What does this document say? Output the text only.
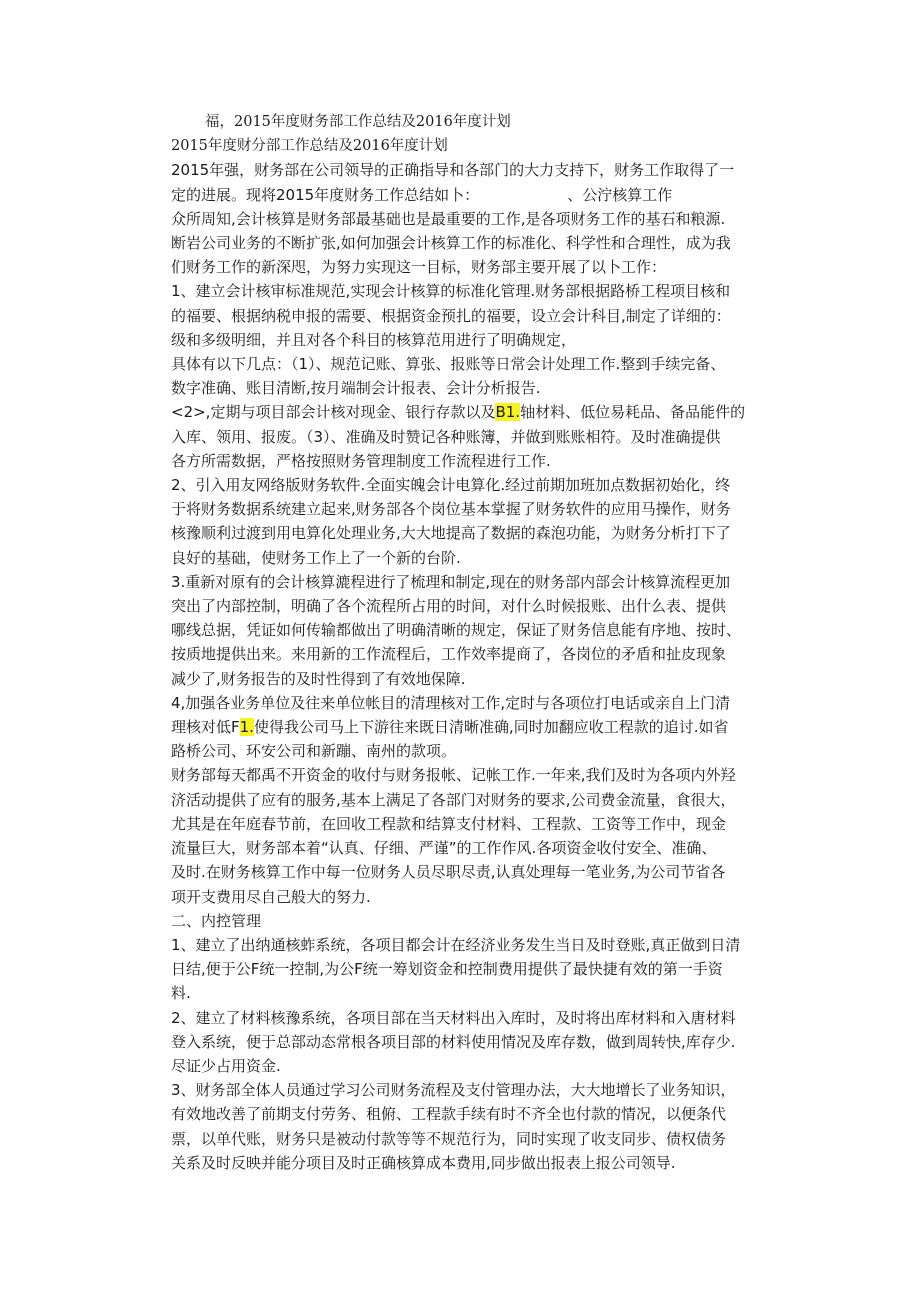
福，2015年度财务部工作总结及2016年度计划
2015年度财分部工作总结及2016年度计划
2015年强，财务部在公司领导的正确指导和各部门的大力支持下，财务工作取得了一
定的进展。现将2015年度财务工作总结如卜：	、公泞核算工作
众所周知,会计核算是财务部最基础也是最重要的工作,是各项财务工作的基石和粮源.
断岩公司业务的不断扩张,如何加强会计核算工作的标准化、科学性和合理性，成为我
们财务工作的新深咫，为努力实现这一目标，财务部主要开展了以卜工作：
1、建立会计核审标准规范,实现会计核算的标准化管理.财务部根据路桥工程项目核和
的福要、根据纳税申报的需要、根据资金预扎的福要，设立会计科目,制定了详细的：
级和多级明细，并且对各个科目的核算范用进行了明确规定，
具体有以下几点：（1）、规范记账、算张、报账等日常会计处理工作.整到手续完备、
数字准确、账目清断,按月端制会计报表、会计分析报告.
<2>,定期与项目部会计核对现金、银行存款以及B1.轴材料、低位易耗品、备品能件的
入库、领用、报废。（3）、准确及时赞记各种账簿，并做到账账相符。及时准确提供
各方所需数据，严格按照财务管理制度工作流程进行工作.
2、引入用友网络版财务软件.全面实魄会计电算化.经过前期加班加点数据初始化，终
于将财务数据系统建立起来,财务部各个岗位基本掌握了财务软件的应用马操作，财务
核豫顺利过渡到用电算化处理业务,大大地提高了数据的森泡功能，为财务分析打下了
良好的基础，使财务工作上了一个新的台阶.
3.重新对原有的会计核算漉程进行了梳理和制定,现在的财务部内部会计核算流程更加
突出了内部控制，明确了各个流程所占用的时间，对什么时候报账、出什么表、提供
哪线总据，凭证如何传输都做出了明确清晰的规定，保证了财务信息能有序地、按时、
按质地提供出来。来用新的工作流程后，工作效率提商了，各岗位的矛盾和扯皮现象
减少了,财务报告的及时性得到了有效地保障.
4,加强各业务单位及往来单位帐目的清理核对工作,定时与各项位打电话或亲自上门清
理核对低F1.使得我公司马上下游往来既日清晰准确,同时加翻应收工程款的追讨.如省
路桥公司、环安公司和新蹦、南州的款项。
财务部每天都禹不开资金的收付与财务报帐、记帐工作.一年来,我们及时为各项内外羟
济活动提供了应有的服务,基本上满足了各部门对财务的要求,公司费金流量，食很大，
尤其是在年庭春节前，在回收工程款和结算支付材料、工程款、工资等工作中，现金
流量巨大，财务部本着“认真、仔细、严谨”的工作作风.各项资金收付安全、准确、
及时.在财务核算工作中每一位财务人员尽职尽责,认真处理每一笔业务,为公司节省各
项开支费用尽自己般大的努力.
二、内控管理
1、建立了出纳通核蚱系统，各项目都会计在经济业务发生当日及时登账,真正做到日清
日结,便于公F统一控制,为公F统一筹划资金和控制费用提供了最快捷有效的第一手资
料.
2、建立了材料核豫系统，各项目部在当天材料出入库时，及时将出库材料和入唐材料
登入系统，便于总部动态常根各项目部的材料使用情况及库存数，做到周转快,库存少.
尽证少占用资金.
3、财务部全体人员通过学习公司财务流程及支付管理办法，大大地增长了业务知识，
有效地改善了前期支付劳务、租俯、工程款手续有时不齐全也付款的情况，以便条代
票，以单代账，财务只是被动付款等等不规范行为，同时实现了收支同步、债权债务
关系及时反映并能分项目及时正确核算成本费用,同步做出报表上报公司领导.
